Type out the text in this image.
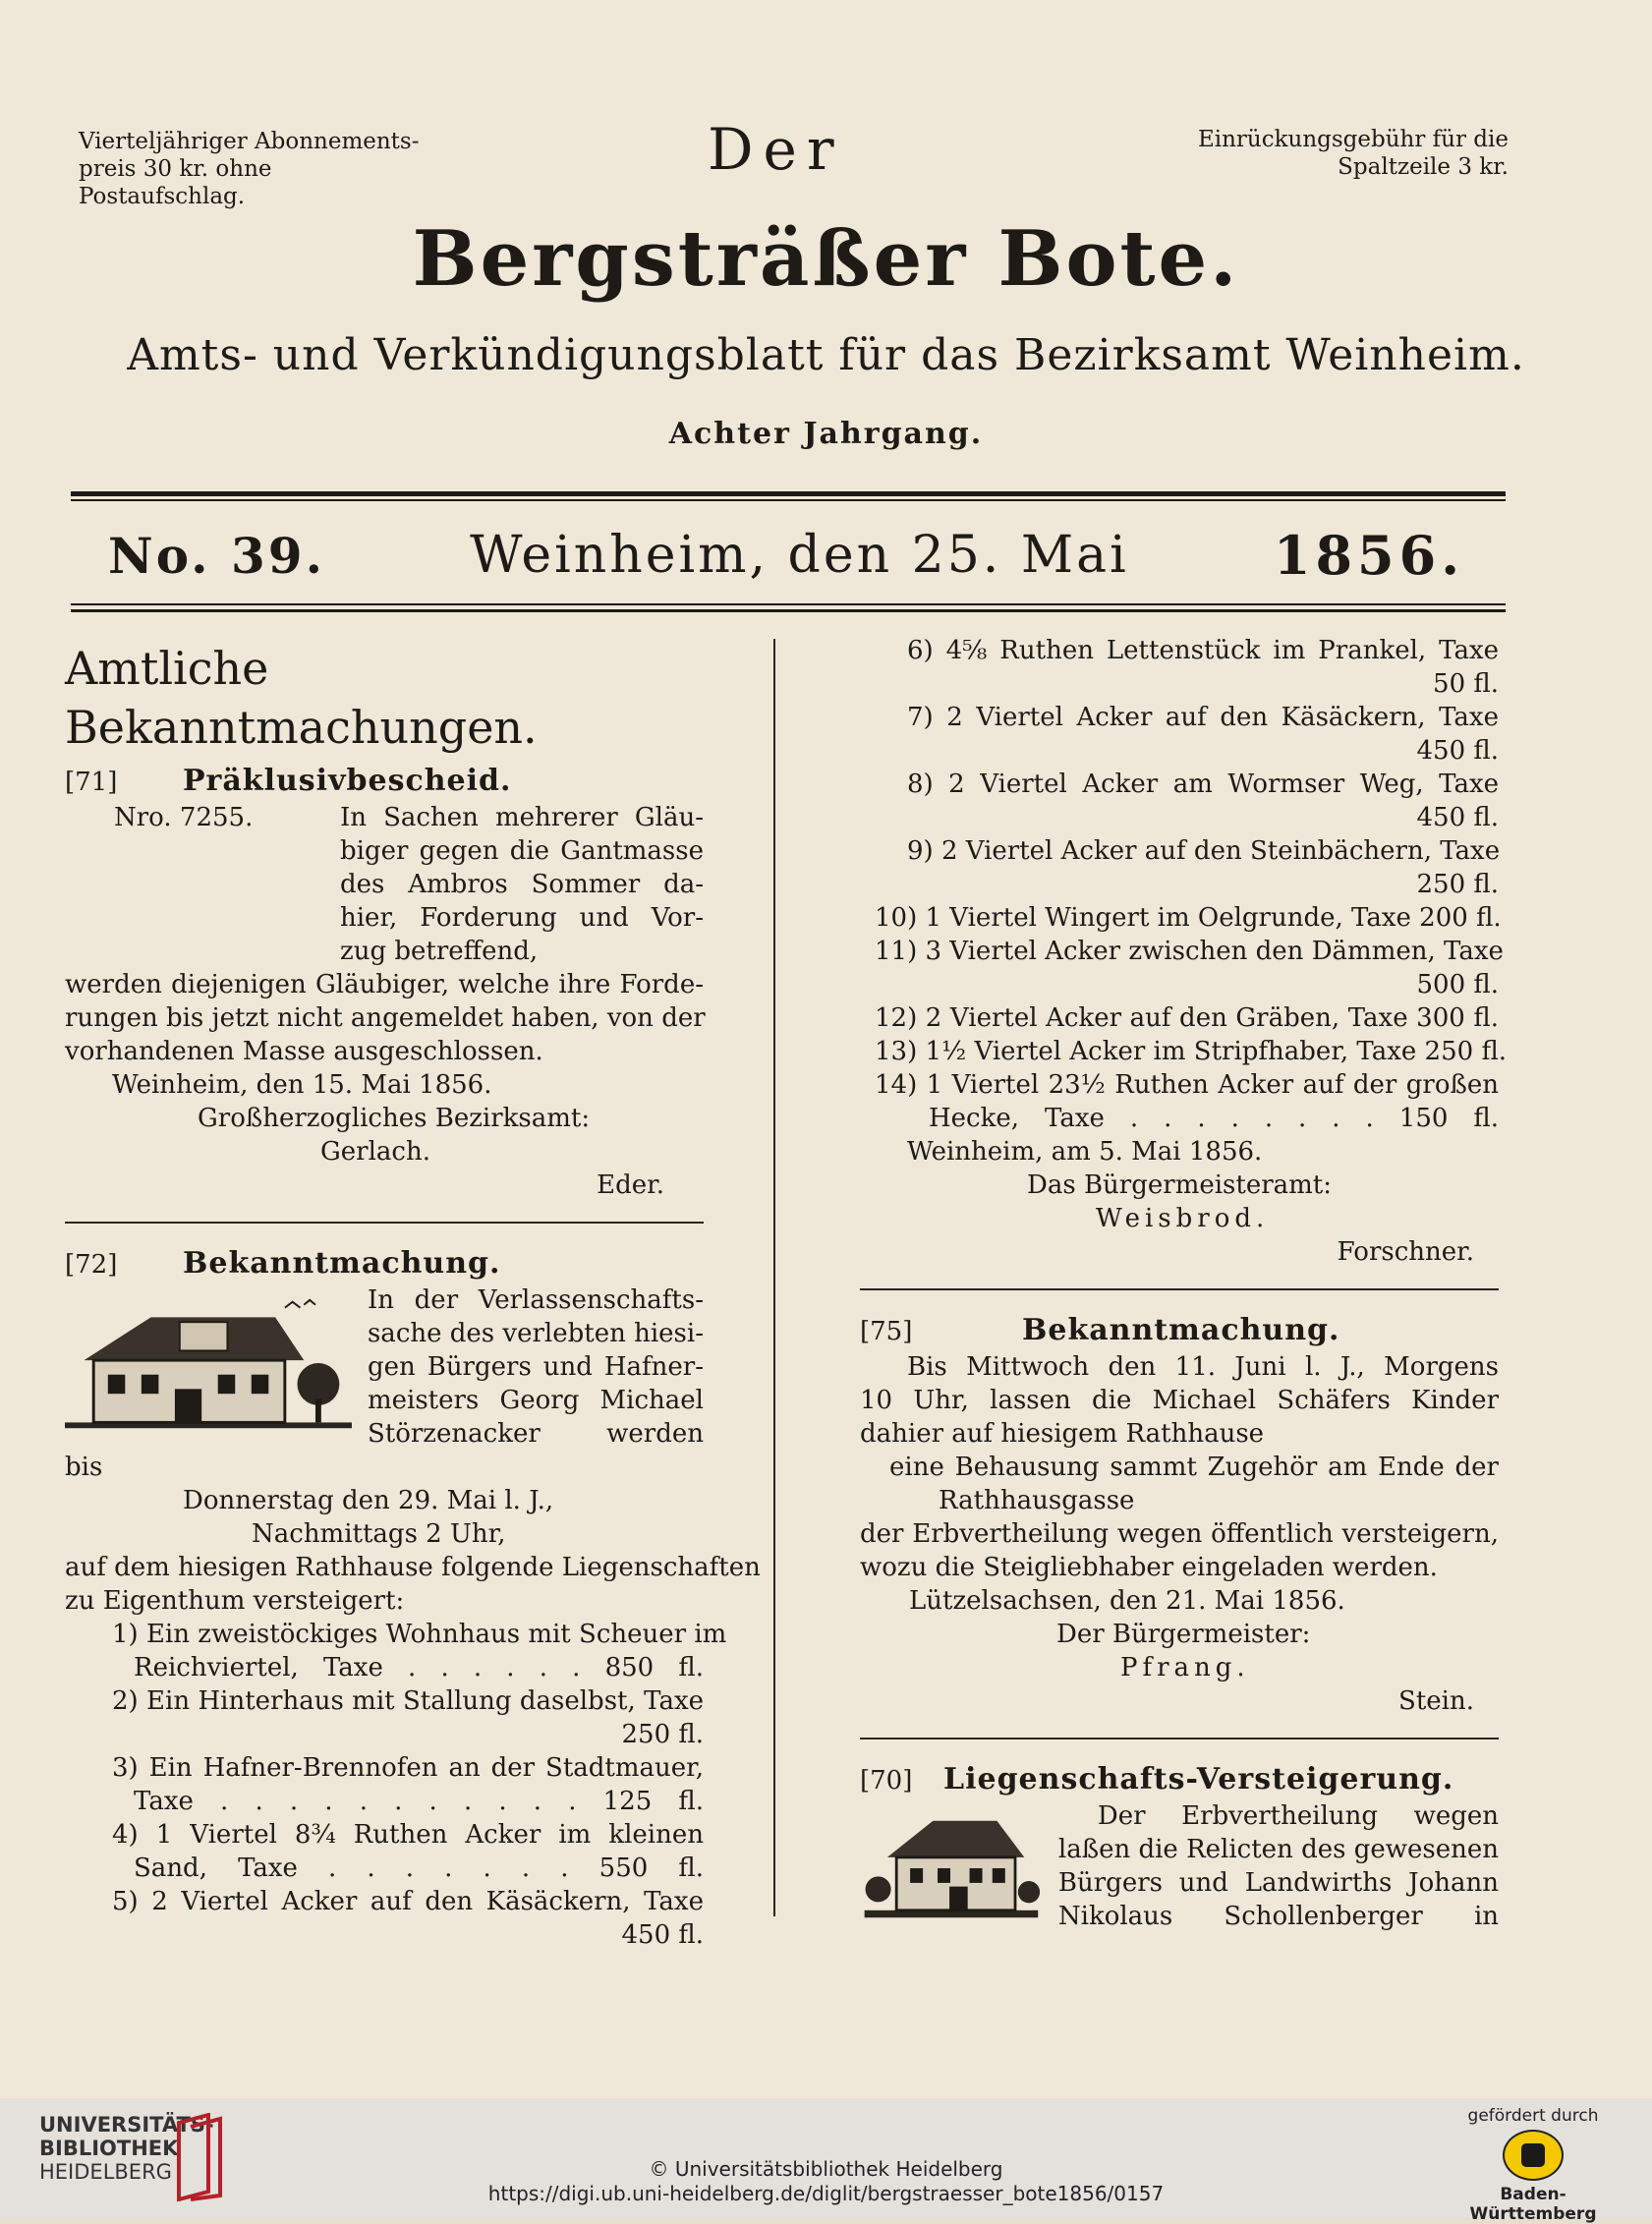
Vierteljähriger Abonnements-
preis 30 kr. ohne Postaufschlag.
Der	Einrückungsgebühr für die
Spaltzeile 3 kr.
Bergsträßer Bote.
Amts- und Verkündigungsblatt für das Bezirksamt Weinheim.
Achter Jahrgang.
No. 39.	Weinheim, den 25. Mai	1856.
Amtliche Bekanntmachungen.
[71]	Präklusivbescheid.
Nro. 7255.	In Sachen mehrerer Gläu-
biger gegen die Gantmasse
des Ambros Sommer da-
hier, Forderung und Vor-
zug betreffend,
werden diejenigen Gläubiger, welche ihre Forde-
rungen bis jetzt nicht angemeldet haben, von der
vorhandenen Masse ausgeschlossen.
Weinheim, den 15. Mai 1856.
Großherzogliches Bezirksamt:
Gerlach.
Eder.
[72]	Bekanntmachung.
In der Verlassenschafts-
sache des verlebten hiesi-
gen Bürgers und Hafner-
meisters Georg Michael
Störzenacker werden
bis
Donnerstag den 29. Mai l. J.,
Nachmittags 2 Uhr,
auf dem hiesigen Rathhause folgende Liegenschaften
zu Eigenthum versteigert:
1) Ein zweistöckiges Wohnhaus mit Scheuer im
Reichviertel, Taxe . . . . . . 850 fl.
2) Ein Hinterhaus mit Stallung daselbst, Taxe
250 fl.
3) Ein Hafner-Brennofen an der Stadtmauer,
Taxe . . . . . . . . . . . 125 fl.
4) 1 Viertel 8¾ Ruthen Acker im kleinen
Sand, Taxe . . . . . . . 550 fl.
5) 2 Viertel Acker auf den Käsäckern, Taxe
450 fl.
6) 4⅝ Ruthen Lettenstück im Prankel, Taxe
50 fl.
7) 2 Viertel Acker auf den Käsäckern, Taxe
450 fl.
8) 2 Viertel Acker am Wormser Weg, Taxe
450 fl.
9) 2 Viertel Acker auf den Steinbächern, Taxe
250 fl.
10) 1 Viertel Wingert im Oelgrunde, Taxe 200 fl.
11) 3 Viertel Acker zwischen den Dämmen, Taxe
500 fl.
12) 2 Viertel Acker auf den Gräben, Taxe 300 fl.
13) 1½ Viertel Acker im Stripfhaber, Taxe 250 fl.
14) 1 Viertel 23½ Ruthen Acker auf der großen
Hecke, Taxe . . . . . . . . 150 fl.
Weinheim, am 5. Mai 1856.
Das Bürgermeisteramt:
Weisbrod.
Forschner.
[75]	Bekanntmachung.
Bis Mittwoch den 11. Juni l. J., Morgens
10 Uhr, lassen die Michael Schäfers Kinder
dahier auf hiesigem Rathhause
eine Behausung sammt Zugehör am Ende der
Rathhausgasse
der Erbvertheilung wegen öffentlich versteigern,
wozu die Steigliebhaber eingeladen werden.
Lützelsachsen, den 21. Mai 1856.
Der Bürgermeister:
Pfrang.
Stein.
[70]	Liegenschafts-Versteigerung.
Der Erbvertheilung wegen
laßen die Relicten des gewesenen
Bürgers und Landwirths Johann
Nikolaus Schollenberger in
UNIVERSITÄTS-
BIBLIOTHEK
HEIDELBERG	© Universitätsbibliothek Heidelberg
https://digi.ub.uni-heidelberg.de/diglit/bergstraesser_bote1856/0157
gefördert durch
Baden-Württemberg
